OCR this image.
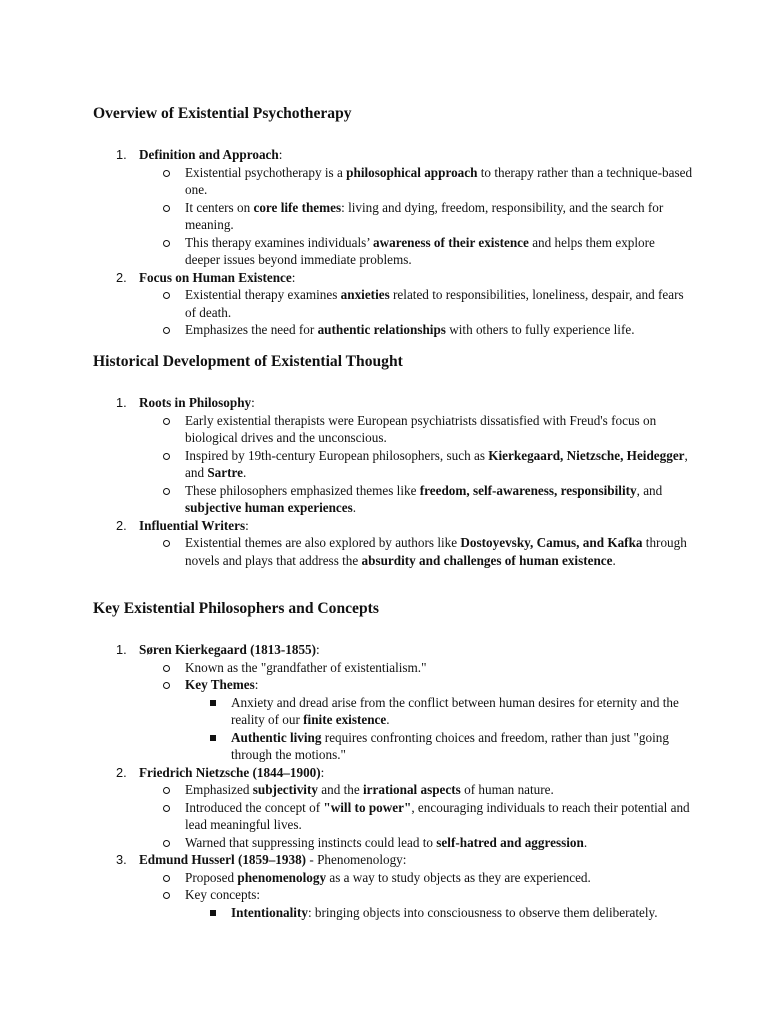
Overview of Existential Psychotherapy
1. Definition and Approach:
Existential psychotherapy is a philosophical approach to therapy rather than a technique-based one.
It centers on core life themes: living and dying, freedom, responsibility, and the search for meaning.
This therapy examines individuals’ awareness of their existence and helps them explore deeper issues beyond immediate problems.
2. Focus on Human Existence:
Existential therapy examines anxieties related to responsibilities, loneliness, despair, and fears of death.
Emphasizes the need for authentic relationships with others to fully experience life.
Historical Development of Existential Thought
1. Roots in Philosophy:
Early existential therapists were European psychiatrists dissatisfied with Freud's focus on biological drives and the unconscious.
Inspired by 19th-century European philosophers, such as Kierkegaard, Nietzsche, Heidegger, and Sartre.
These philosophers emphasized themes like freedom, self-awareness, responsibility, and subjective human experiences.
2. Influential Writers:
Existential themes are also explored by authors like Dostoyevsky, Camus, and Kafka through novels and plays that address the absurdity and challenges of human existence.
Key Existential Philosophers and Concepts
1. Søren Kierkegaard (1813-1855):
Known as the "grandfather of existentialism."
Key Themes:
Anxiety and dread arise from the conflict between human desires for eternity and the reality of our finite existence.
Authentic living requires confronting choices and freedom, rather than just "going through the motions."
2. Friedrich Nietzsche (1844–1900):
Emphasized subjectivity and the irrational aspects of human nature.
Introduced the concept of "will to power", encouraging individuals to reach their potential and lead meaningful lives.
Warned that suppressing instincts could lead to self-hatred and aggression.
3. Edmund Husserl (1859–1938) - Phenomenology:
Proposed phenomenology as a way to study objects as they are experienced.
Key concepts:
Intentionality: bringing objects into consciousness to observe them deliberately.
